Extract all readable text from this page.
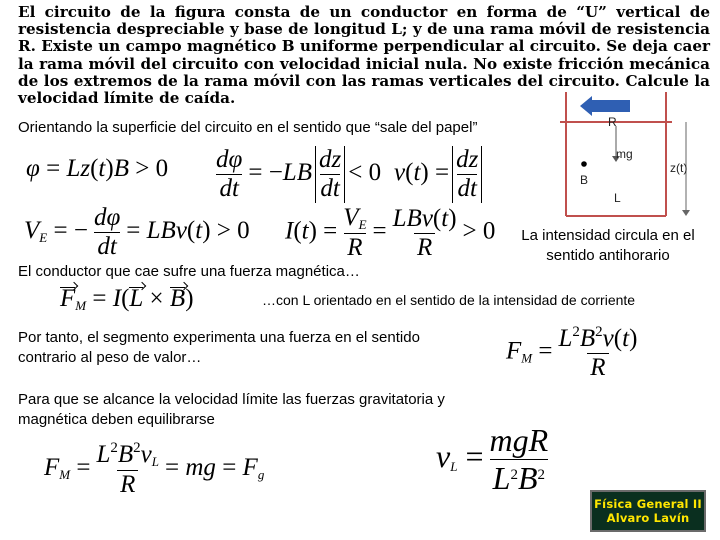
El circuito de la figura consta de un conductor en forma de “U” vertical de resistencia despreciable y base de longitud L; y de una rama móvil de resistencia R. Existe un campo magnético B uniforme perpendicular al circuito. Se deja caer la rama móvil del circuito con velocidad inicial nula. No existe fricción mecánica de los extremos de la rama móvil con las ramas verticales del circuito. Calcule la velocidad límite de caída.
R
mg
B
L
z(t)
Orientando la superficie del circuito en el sentido que “sale del papel”
$\varphi = Lz(t)B > 0 \frac{d\varphi}{dt} = -LB \frac{dz}{dt} < 0$ $v(t) = \frac{dz}{dt}$
$V_E$ = − $\frac{d\varphi}{dt} = LBv(t) > 0$ $I(t) = \frac{V_E}{R} = \frac{\text{LBv(t)}}{R} > 0$	La intensidad circula en el sentido antihorario
El conductor que cae sufre una fuerza magnética…
$F_M = I(L \times B)$	…con L orientado en el sentido de la intensidad de corriente
Por tanto, el segmento experimenta una fuerza en el sentido contrario al peso de valor…	$F_M = \frac{L^2B^2v(t)}{R}$
Para que se alcance la velocidad límite las fuerzas gravitatoria y magnética deben equilibrarse
$F_M = \frac{L^2B^2v_L}{R}$ = mg = $F_g$
$v_L = \frac{\text{mgR}}{L^2B^2}$
Física General II
Alvaro Lavín
